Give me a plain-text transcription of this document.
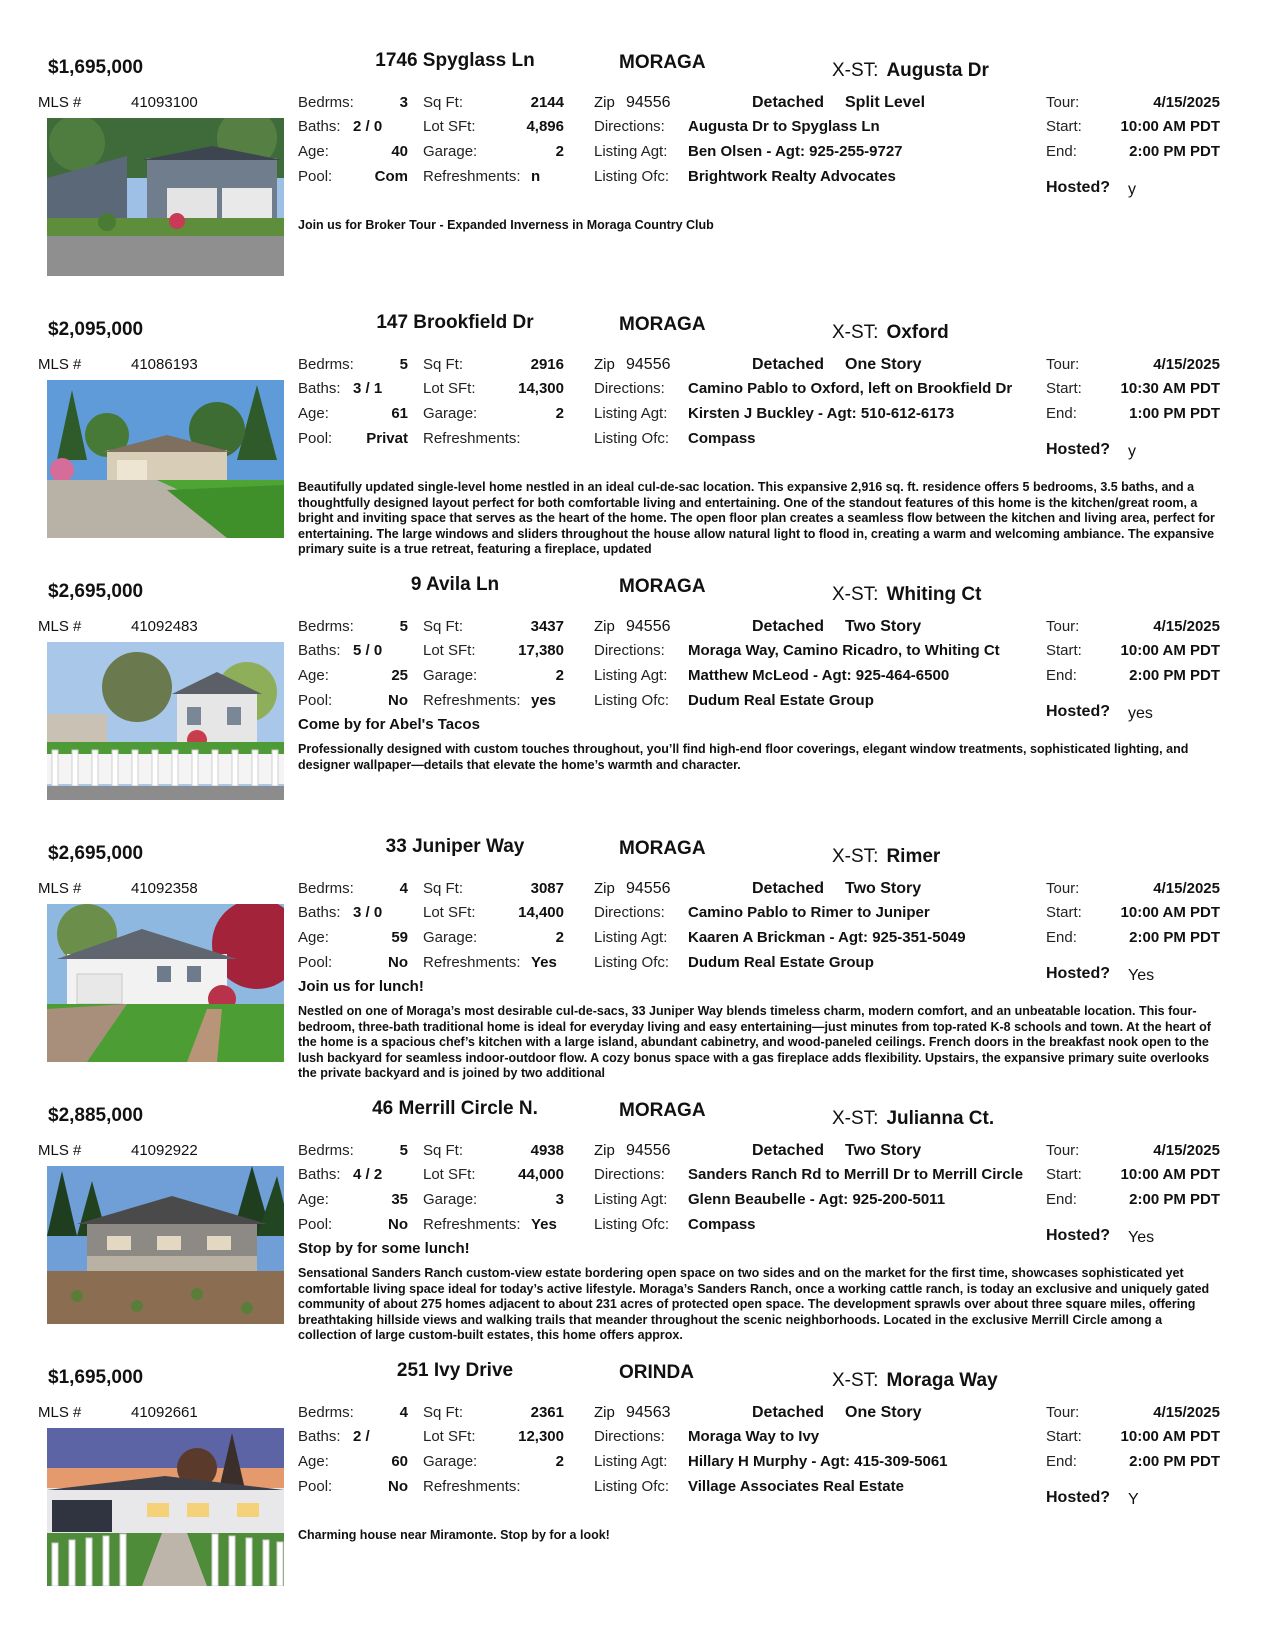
$1,695,000	1746 Spyglass Ln	MORAGA	X-ST: Augusta Dr
MLS #	41093100	Bedrms:	3 Sq Ft:	2144 Zip 94556	Detached Split Level	Tour:	4/15/2025
Baths: 2 / 0	Lot SFt:	4,896 Directions: Augusta Dr to Spyglass Ln	Start:	10:00 AM PDT
Age:	40 Garage:	2 Listing Agt: Ben Olsen - Agt: 925-255-9727	End:	2:00 PM PDT
Pool:	Com Refreshments: n	Listing Ofc: Brightwork Realty Advocates
Hosted? y
Join us for Broker Tour - Expanded Inverness in Moraga Country Club
$2,095,000	147 Brookfield Dr	MORAGA	X-ST: Oxford
MLS #	41086193	Bedrms:	5 Sq Ft:	2916 Zip 94556	Detached One Story	Tour:	4/15/2025
Baths: 3 / 1	Lot SFt:	14,300 Directions: Camino Pablo to Oxford, left on Brookfield Dr Start:	10:30 AM PDT
Age:	61 Garage:	2 Listing Agt: Kirsten J Buckley - Agt: 510-612-6173	End:	1:00 PM PDT
Pool:	Privat Refreshments:	Listing Ofc: Compass
Hosted? y
Beautifully updated single-level home nestled in an ideal cul-de-sac location. This expansive 2,916 sq. ft. residence offers 5 bedrooms, 3.5 baths, and a thoughtfully designed layout perfect for both comfortable living and entertaining. One of the standout features of this home is the kitchen/great room, a bright and inviting space that serves as the heart of the home. The open floor plan creates a seamless flow between the kitchen and living area, perfect for entertaining. The large windows and sliders throughout the house allow natural light to flood in, creating a warm and welcoming ambiance. The expansive primary suite is a true retreat, featuring a fireplace, updated
$2,695,000	9 Avila Ln	MORAGA	X-ST: Whiting Ct
MLS #	41092483	Bedrms:	5 Sq Ft:	3437 Zip 94556	Detached Two Story	Tour:	4/15/2025
Baths: 5 / 0	Lot SFt:	17,380 Directions: Moraga Way, Camino Ricadro, to Whiting Ct	Start:	10:00 AM PDT
Age:	25 Garage:	2 Listing Agt: Matthew McLeod - Agt: 925-464-6500	End:	2:00 PM PDT
Pool:	No Refreshments: yes	Listing Ofc: Dudum Real Estate Group
Hosted? yes
Come by for Abel's Tacos
Professionally designed with custom touches throughout, you’ll find high-end floor coverings, elegant window treatments, sophisticated lighting, and designer wallpaper—details that elevate the home’s warmth and character.
$2,695,000	33 Juniper Way	MORAGA	X-ST: Rimer
MLS #	41092358	Bedrms:	4 Sq Ft:	3087 Zip 94556	Detached Two Story	Tour:	4/15/2025
Baths: 3 / 0	Lot SFt:	14,400 Directions: Camino Pablo to Rimer to Juniper	Start:	10:00 AM PDT
Age:	59 Garage:	2 Listing Agt: Kaaren A Brickman - Agt: 925-351-5049	End:	2:00 PM PDT
Pool:	No Refreshments: Yes Listing Ofc: Dudum Real Estate Group
Hosted? Yes
Join us for lunch!
Nestled on one of Moraga’s most desirable cul-de-sacs, 33 Juniper Way blends timeless charm, modern comfort, and an unbeatable location. This four-bedroom, three-bath traditional home is ideal for everyday living and easy entertaining—just minutes from top-rated K-8 schools and town. At the heart of the home is a spacious chef’s kitchen with a large island, abundant cabinetry, and wood-paneled ceilings. French doors in the breakfast nook open to the lush backyard for seamless indoor-outdoor flow. A cozy bonus space with a gas fireplace adds flexibility. Upstairs, the expansive primary suite overlooks the private backyard and is joined by two additional
$2,885,000	46 Merrill Circle N.	MORAGA	X-ST: Julianna Ct.
MLS #	41092922	Bedrms:	5 Sq Ft:	4938 Zip 94556	Detached Two Story	Tour:	4/15/2025
Baths: 4 / 2	Lot SFt:	44,000 Directions: Sanders Ranch Rd to Merrill Dr to Merrill Circle Start:	10:00 AM PDT
Age:	35 Garage:	3 Listing Agt: Glenn Beaubelle - Agt: 925-200-5011	End:	2:00 PM PDT
Pool:	No Refreshments: Yes Listing Ofc: Compass
Hosted? Yes
Stop by for some lunch!
Sensational Sanders Ranch custom-view estate bordering open space on two sides and on the market for the first time, showcases sophisticated yet comfortable living space ideal for today’s active lifestyle. Moraga’s Sanders Ranch, once a working cattle ranch, is today an exclusive and uniquely gated community of about 275 homes adjacent to about 231 acres of protected open space. The development sprawls over about three square miles, offering breathtaking hillside views and walking trails that meander throughout the scenic neighborhoods. Located in the exclusive Merrill Circle among a collection of large custom-built estates, this home offers approx.
$1,695,000	251 Ivy Drive	ORINDA	X-ST: Moraga Way
MLS #	41092661	Bedrms:	4 Sq Ft:	2361 Zip 94563	Detached One Story	Tour:	4/15/2025
Baths: 2 /	Lot SFt:	12,300 Directions: Moraga Way to Ivy	Start:	10:00 AM PDT
Age:	60 Garage:	2 Listing Agt: Hillary H Murphy - Agt: 415-309-5061	End:	2:00 PM PDT
Pool:	No Refreshments:	Listing Ofc: Village Associates Real Estate
Hosted? Y
Charming house near Miramonte. Stop by for a look!
